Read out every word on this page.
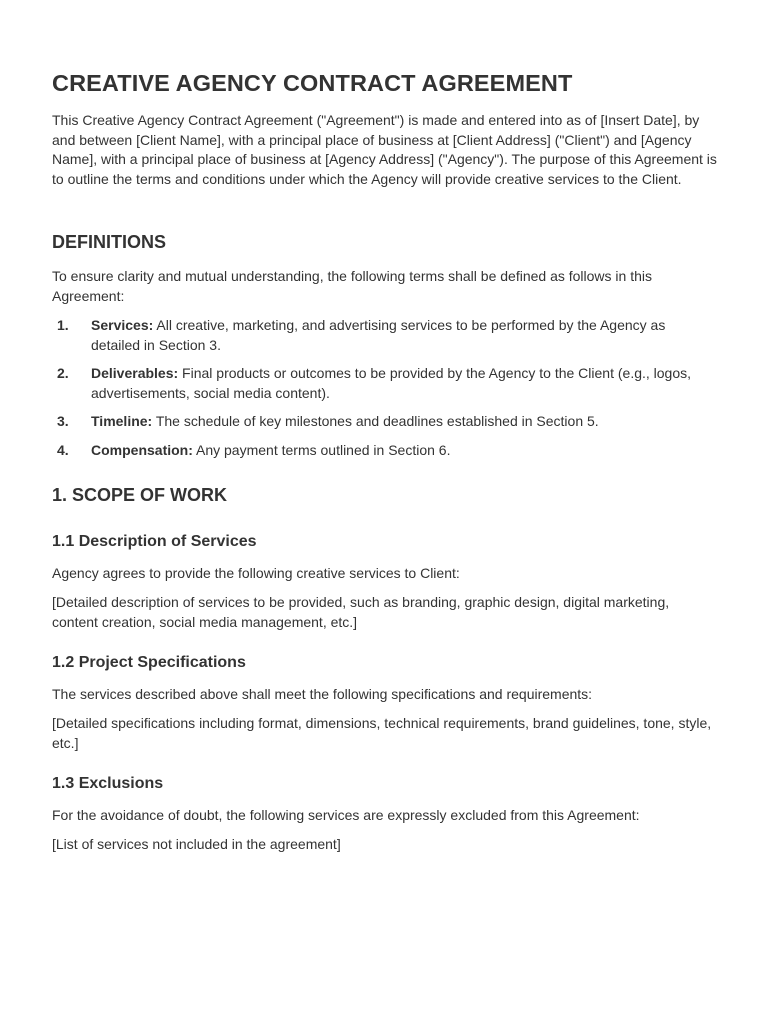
CREATIVE AGENCY CONTRACT AGREEMENT

This Creative Agency Contract Agreement ("Agreement") is made and entered into as of [Insert Date], by and between [Client Name], with a principal place of business at [Client Address] ("Client") and [Agency Name], with a principal place of business at [Agency Address] ("Agency"). The purpose of this Agreement is to outline the terms and conditions under which the Agency will provide creative services to the Client.

DEFINITIONS

To ensure clarity and mutual understanding, the following terms shall be defined as follows in this Agreement:

1. Services: All creative, marketing, and advertising services to be performed by the Agency as detailed in Section 3.
2. Deliverables: Final products or outcomes to be provided by the Agency to the Client (e.g., logos, advertisements, social media content).
3. Timeline: The schedule of key milestones and deadlines established in Section 5.
4. Compensation: Any payment terms outlined in Section 6.
1. SCOPE OF WORK
1.1 Description of Services

Agency agrees to provide the following creative services to Client:

[Detailed description of services to be provided, such as branding, graphic design, digital marketing, content creation, social media management, etc.]

1.2 Project Specifications

The services described above shall meet the following specifications and requirements:

[Detailed specifications including format, dimensions, technical requirements, brand guidelines, tone, style, etc.]

1.3 Exclusions

For the avoidance of doubt, the following services are expressly excluded from this Agreement:

[List of services not included in the agreement]
